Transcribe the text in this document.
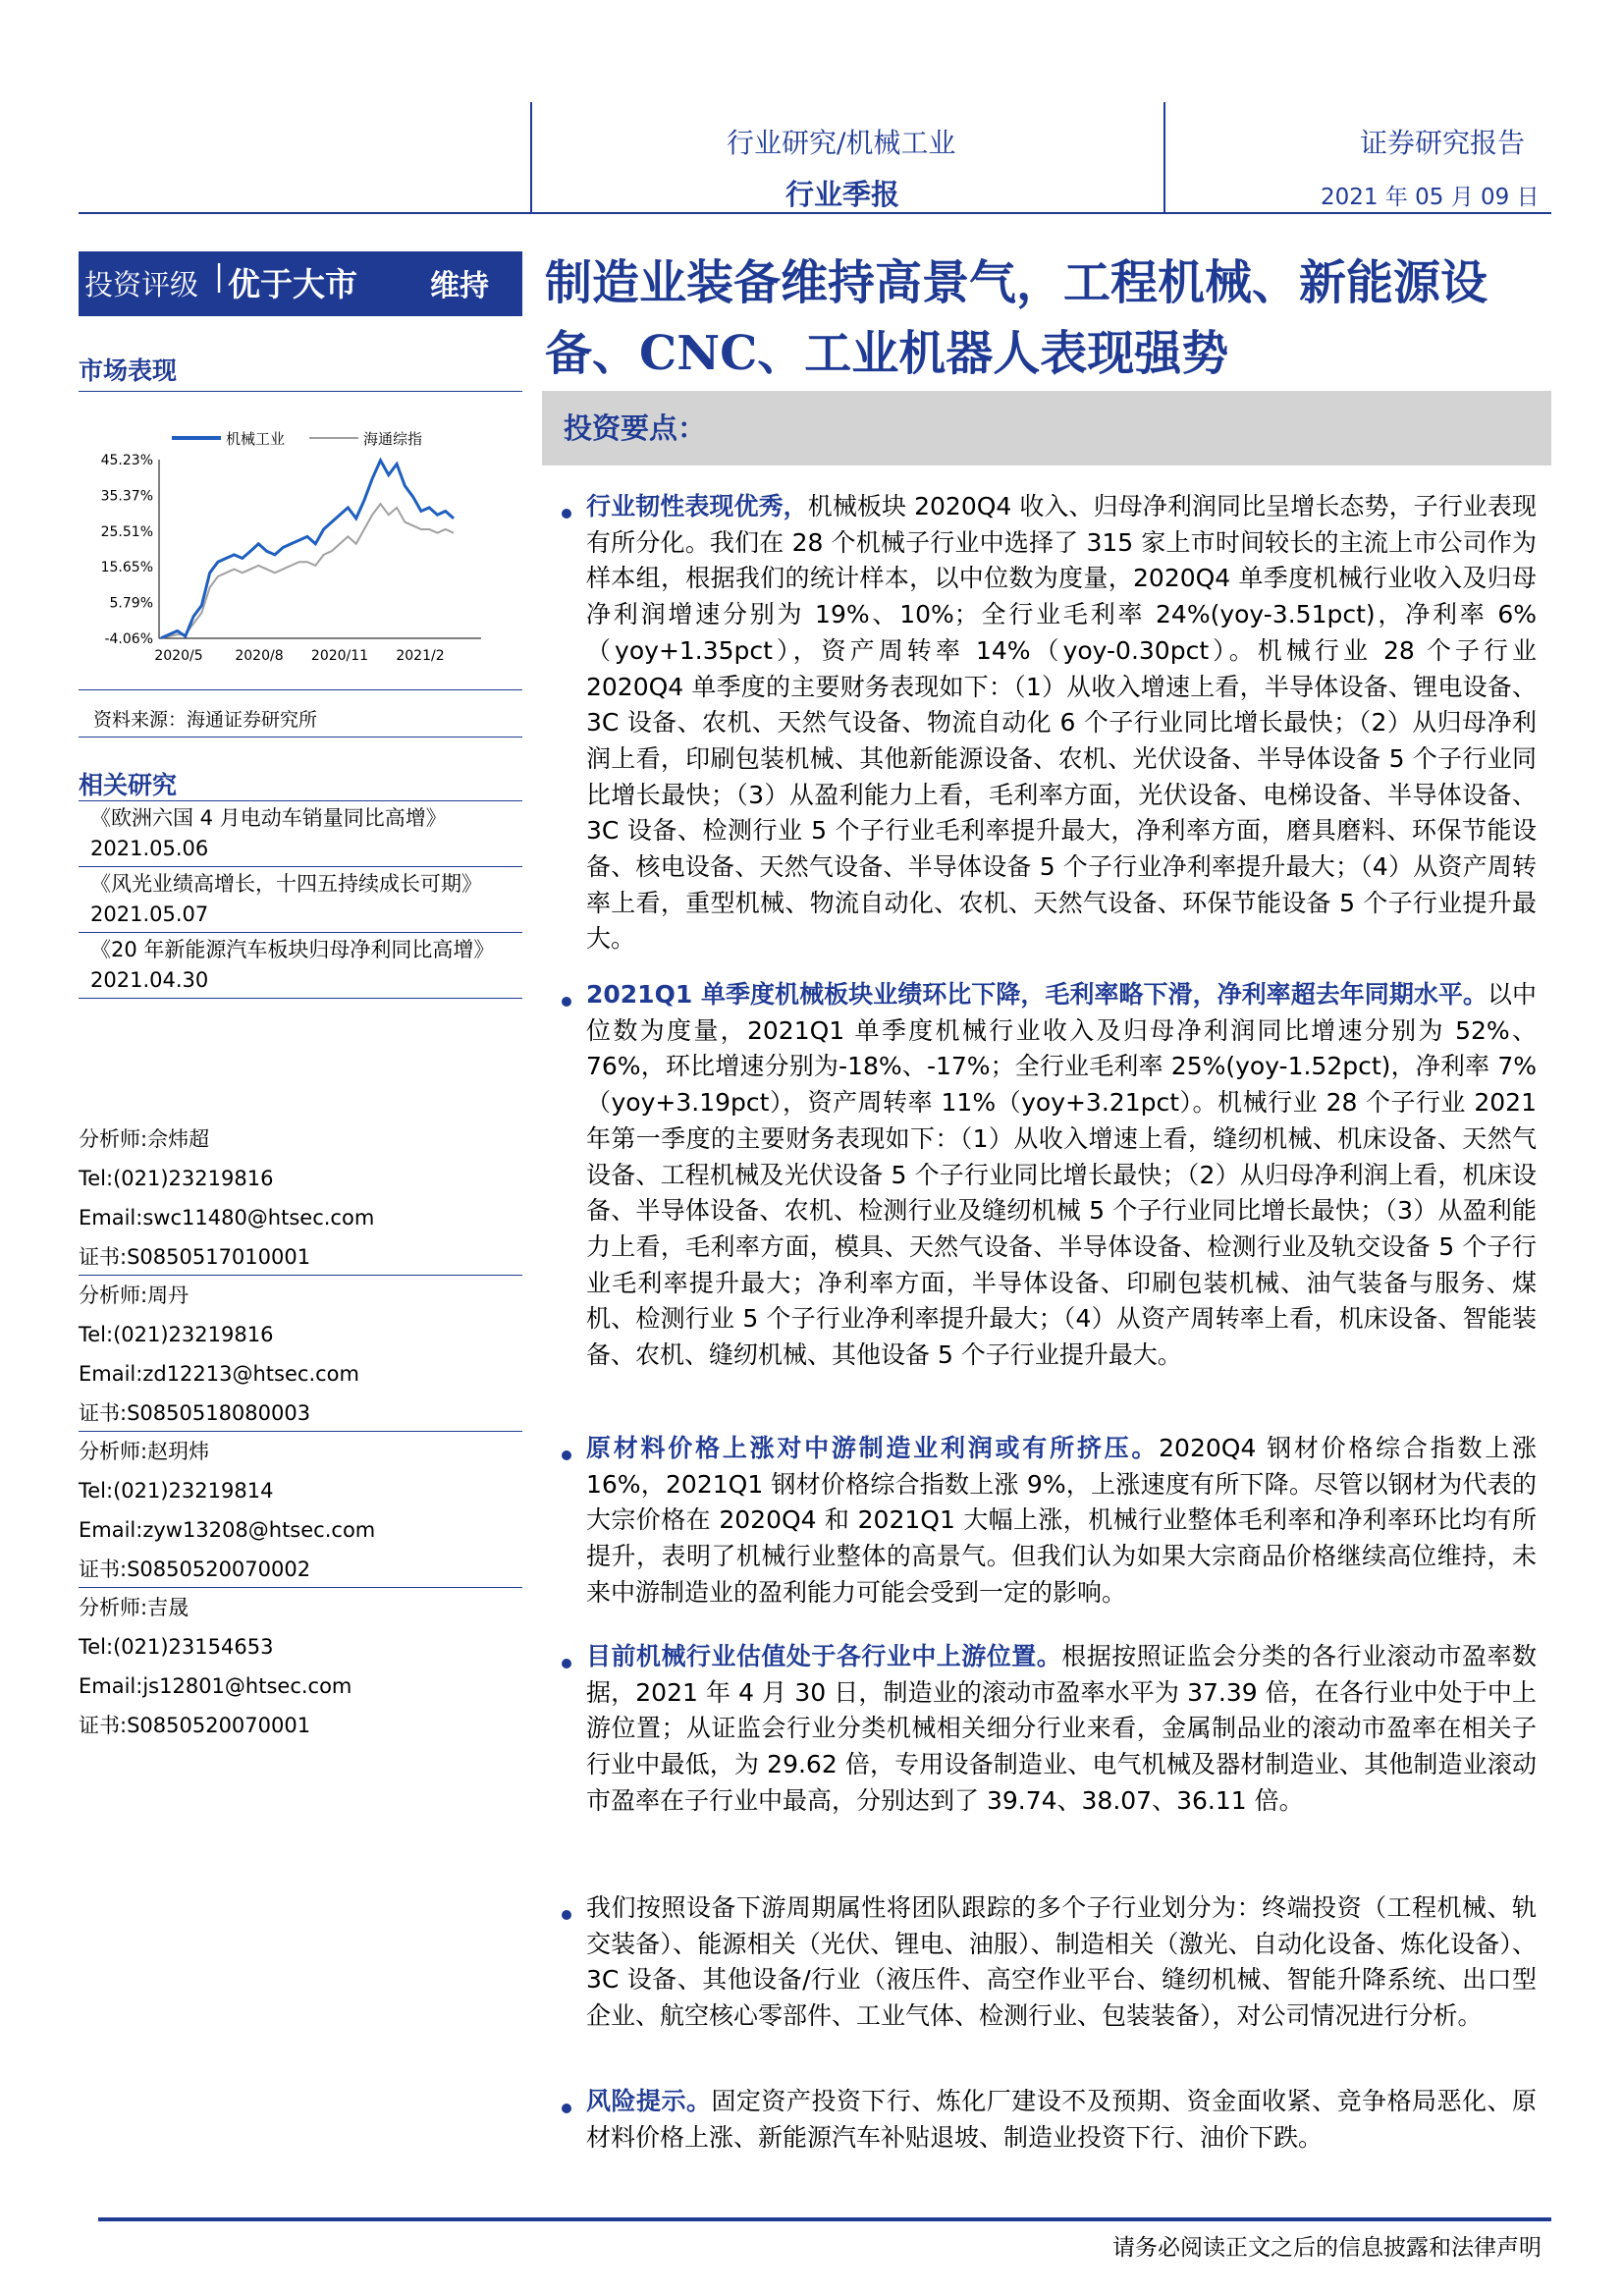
行业研究/机械工业
行业季报
证券研究报告
2021 年 05 月 09 日
投资评级 | 优于大市 维持
市场表现
机械工业	海通综指
45.23%
35.37%
25.51%
15.65%
5.79%
-4.06%
2020/5 2020/8 2020/11 2021/2
资料来源：海通证券研究所
相关研究
《欧洲六国 4 月电动车销量同比高增》2021.05.06
《风光业绩高增长，十四五持续成长可期》2021.05.07
《20 年新能源汽车板块归母净利同比高增》2021.04.30
分析师:佘炜超
Tel:(021)23219816
Email:swc11480@htsec.com
证书:S0850517010001
分析师:周丹
Tel:(021)23219816
Email:zd12213@htsec.com
证书:S0850518080003
分析师:赵玥炜
Tel:(021)23219814
Email:zyw13208@htsec.com
证书:S0850520070002
分析师:吉晟
Tel:(021)23154653
Email:js12801@htsec.com
证书:S0850520070001
制造业装备维持高景气，工程机械、新能源设备、CNC、工业机器人表现强势
投资要点：
行业韧性表现优秀，机械板块 2020Q4 收入、归母净利润同比呈增长态势，子行业表现有所分化。我们在 28 个机械子行业中选择了 315 家上市时间较长的主流上市公司作为样本组，根据我们的统计样本，以中位数为度量，2020Q4 单季度机械行业收入及归母净利润增速分别为 19%、10%；全行业毛利率 24%(yoy-3.51pct)，净利率 6%（yoy+1.35pct），资产周转率 14%（yoy-0.30pct）。机械行业 28 个子行业 2020Q4 单季度的主要财务表现如下：（1）从收入增速上看，半导体设备、锂电设备、3C 设备、农机、天然气设备、物流自动化 6 个子行业同比增长最快；（2）从归母净利润上看，印刷包装机械、其他新能源设备、农机、光伏设备、半导体设备 5 个子行业同比增长最快；（3）从盈利能力上看，毛利率方面，光伏设备、电梯设备、半导体设备、3C 设备、检测行业 5 个子行业毛利率提升最大，净利率方面，磨具磨料、环保节能设备、核电设备、天然气设备、半导体设备 5 个子行业净利率提升最大；（4）从资产周转率上看，重型机械、物流自动化、农机、天然气设备、环保节能设备 5 个子行业提升最大。
2021Q1 单季度机械板块业绩环比下降，毛利率略下滑，净利率超去年同期水平。以中位数为度量，2021Q1 单季度机械行业收入及归母净利润同比增速分别为 52%、76%，环比增速分别为-18%、-17%；全行业毛利率 25%(yoy-1.52pct)，净利率 7%（yoy+3.19pct），资产周转率 11%（yoy+3.21pct）。机械行业 28 个子行业 2021 年第一季度的主要财务表现如下：（1）从收入增速上看，缝纫机械、机床设备、天然气设备、工程机械及光伏设备 5 个子行业同比增长最快；（2）从归母净利润上看，机床设备、半导体设备、农机、检测行业及缝纫机械 5 个子行业同比增长最快；（3）从盈利能力上看，毛利率方面，模具、天然气设备、半导体设备、检测行业及轨交设备 5 个子行业毛利率提升最大；净利率方面，半导体设备、印刷包装机械、油气装备与服务、煤机、检测行业 5 个子行业净利率提升最大；（4）从资产周转率上看，机床设备、智能装备、农机、缝纫机械、其他设备 5 个子行业提升最大。
原材料价格上涨对中游制造业利润或有所挤压。2020Q4 钢材价格综合指数上涨 16%，2021Q1 钢材价格综合指数上涨 9%，上涨速度有所下降。尽管以钢材为代表的大宗价格在 2020Q4 和 2021Q1 大幅上涨，机械行业整体毛利率和净利率环比均有所提升，表明了机械行业整体的高景气。但我们认为如果大宗商品价格继续高位维持，未来中游制造业的盈利能力可能会受到一定的影响。
目前机械行业估值处于各行业中上游位置。根据按照证监会分类的各行业滚动市盈率数据，2021 年 4 月 30 日，制造业的滚动市盈率水平为 37.39 倍，在各行业中处于中上游位置；从证监会行业分类机械相关细分行业来看，金属制品业的滚动市盈率在相关子行业中最低，为 29.62 倍，专用设备制造业、电气机械及器材制造业、其他制造业滚动市盈率在子行业中最高，分别达到了 39.74、38.07、36.11 倍。
我们按照设备下游周期属性将团队跟踪的多个子行业划分为：终端投资（工程机械、轨交装备）、能源相关（光伏、锂电、油服）、制造相关（激光、自动化设备、炼化设备）、3C 设备、其他设备/行业（液压件、高空作业平台、缝纫机械、智能升降系统、出口型企业、航空核心零部件、工业气体、检测行业、包装装备），对公司情况进行分析。
风险提示。固定资产投资下行、炼化厂建设不及预期、资金面收紧、竞争格局恶化、原材料价格上涨、新能源汽车补贴退坡、制造业投资下行、油价下跌。
请务必阅读正文之后的信息披露和法律声明
